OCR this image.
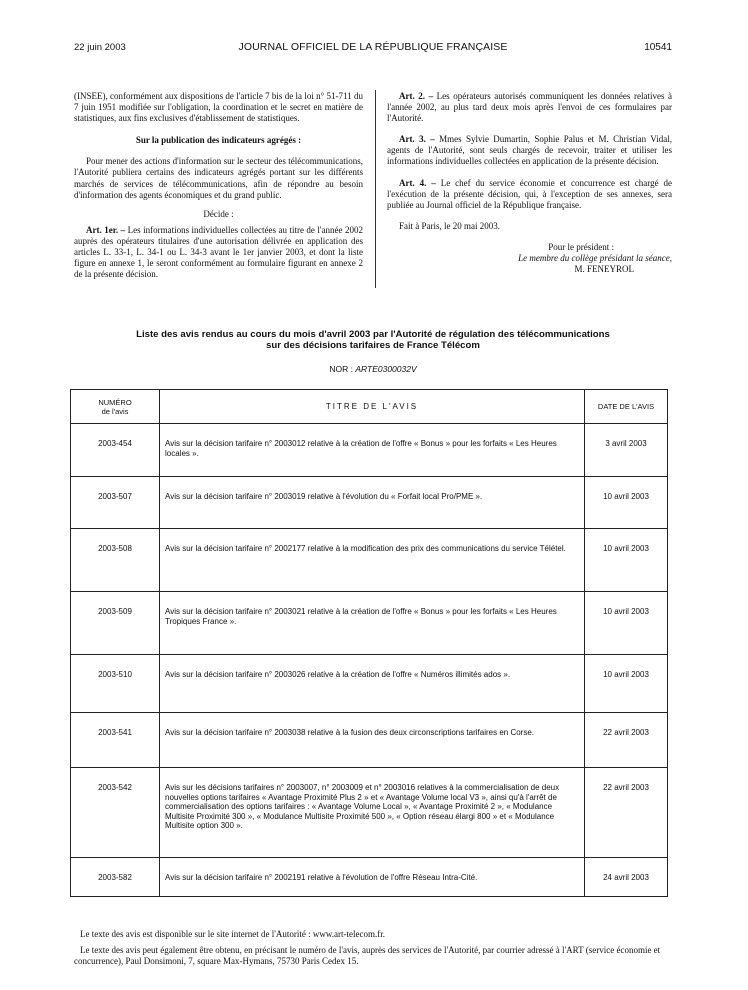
22 juin 2003	JOURNAL OFFICIEL DE LA RÉPUBLIQUE FRANÇAISE	10541

(INSEE), conformément aux dispositions de l'article 7 bis de la loi n° 51-711 du 7 juin 1951 modifiée sur l'obligation, la coordination et le secret en matière de statistiques, aux fins exclusives d'établissement de statistiques.

Sur la publication des indicateurs agrégés :

Pour mener des actions d'information sur le secteur des télécommunications, l'Autorité publiera certains des indicateurs agrégés portant sur les différents marchés de services de télécommunications, afin de répondre au besoin d'information des agents économiques et du grand public.

Décide :

Art. 1er. – Les informations individuelles collectées au titre de l'année 2002 auprès des opérateurs titulaires d'une autorisation délivrée en application des articles L. 33-1, L. 34-1 ou L. 34-3 avant le 1er janvier 2003, et dont la liste figure en annexe 1, le seront conformément au formulaire figurant en annexe 2 de la présente décision.

Art. 2. – Les opérateurs autorisés communiquent les données relatives à l'année 2002, au plus tard deux mois après l'envoi de ces formulaires par l'Autorité.

Art. 3. – Mmes Sylvie Dumartin, Sophie Palus et M. Christian Vidal, agents de l'Autorité, sont seuls chargés de recevoir, traiter et utiliser les informations individuelles collectées en application de la présente décision.

Art. 4. – Le chef du service économie et concurrence est chargé de l'exécution de la présente décision, qui, à l'exception de ses annexes, sera publiée au Journal officiel de la République française.

Fait à Paris, le 20 mai 2003.

Pour le président :

Le membre du collège présidant la séance,

M. FENEYROL

Liste des avis rendus au cours du mois d'avril 2003 par l'Autorité de régulation des télécommunications
sur des décisions tarifaires de France Télécom
NOR : ARTE0300032V
NUMÉRO
de l'avis	TITRE DE L'AVIS	DATE DE L'AVIS
2003-454	Avis sur la décision tarifaire n° 2003012 relative à la création de l'offre « Bonus » pour les forfaits « Les Heures locales ».	3 avril 2003
2003-507	Avis sur la décision tarifaire n° 2003019 relative à l'évolution du « Forfait local Pro/PME ».	10 avril 2003
2003-508	Avis sur la décision tarifaire n° 2002177 relative à la modification des prix des communications du service Télétel.	10 avril 2003
2003-509	Avis sur la décision tarifaire n° 2003021 relative à la création de l'offre « Bonus » pour les forfaits « Les Heures Tropiques France ».	10 avril 2003
2003-510	Avis sur la décision tarifaire n° 2003026 relative à la création de l'offre « Numéros illimités ados ».	10 avril 2003
2003-541	Avis sur la décision tarifaire n° 2003038 relative à la fusion des deux circonscriptions tarifaires en Corse.	22 avril 2003
2003-542	Avis sur les décisions tarifaires n° 2003007, n° 2003009 et n° 2003016 relatives à la commercialisation de deux nouvelles options tarifaires « Avantage Proximité Plus 2 » et « Avantage Volume local V3 », ainsi qu'à l'arrêt de commercialisation des options tarifaires : « Avantage Volume Local », « Avantage Proximité 2 », « Modulance Multisite Proximité 300 », « Modulance Multisite Proximité 500 », « Option réseau élargi 800 » et « Modulance Multisite option 300 ».	22 avril 2003
2003-582	Avis sur la décision tarifaire n° 2002191 relative à l'évolution de l'offre Réseau Intra-Cité.	24 avril 2003

Le texte des avis est disponible sur le site internet de l'Autorité : www.art-telecom.fr.

Le texte des avis peut également être obtenu, en précisant le numéro de l'avis, auprès des services de l'Autorité, par courrier adressé à l'ART (service économie et concurrence), Paul Donsimoni, 7, square Max-Hymans, 75730 Paris Cedex 15.
